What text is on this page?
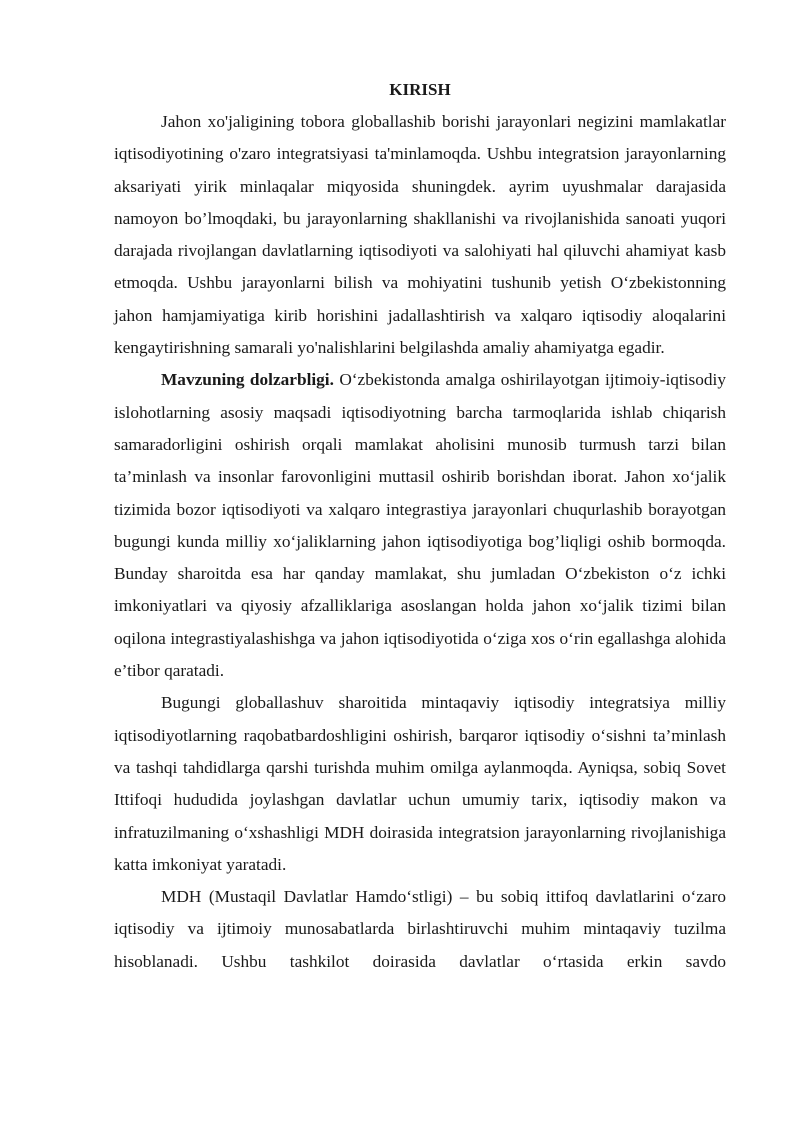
KIRISH

Jahon xo'jaligining tobora globallashib borishi jarayonlari negizini mamlakatlar iqtisodiyotining o'zaro integratsiyasi ta'minlamoqda. Ushbu integratsion jarayonlarning aksariyati yirik minlaqalar miqyosida shuningdek. ayrim uyushmalar darajasida namoyon bo’lmoqdaki, bu jarayonlarning shakllanishi va rivojlanishida sanoati yuqori darajada rivojlangan davlatlarning iqtisodiyoti va salohiyati hal qiluvchi ahamiyat kasb etmoqda. Ushbu jarayonlarni bilish va mohiyatini tushunib yetish O‘zbekistonning jahon hamjamiyatiga kirib horishini jadallashtirish va xalqaro iqtisodiy aloqalarini kengaytirishning samarali yo'nalishlarini belgilashda amaliy ahamiyatga egadir.

Mavzuning dolzarbligi. O‘zbekistonda amalga oshirilayotgan ijtimoiy-iqtisodiy islohotlarning asosiy maqsadi iqtisodiyotning barcha tarmoqlarida ishlab chiqarish samaradorligini oshirish orqali mamlakat aholisini munosib turmush tarzi bilan ta’minlash va insonlar farovonligini muttasil oshirib borishdan iborat. Jahon xo‘jalik tizimida bozor iqtisodiyoti va xalqaro integrastiya jarayonlari chuqurlashib borayotgan bugungi kunda milliy xo‘jaliklarning jahon iqtisodiyotiga bog’liqligi oshib bormoqda. Bunday sharoitda esa har qanday mamlakat, shu jumladan O‘zbekiston o‘z ichki imkoniyatlari va qiyosiy afzalliklariga asoslangan holda jahon xo‘jalik tizimi bilan oqilona integrastiyalashishga va jahon iqtisodiyotida o‘ziga xos o‘rin egallashga alohida e’tibor qaratadi.

Bugungi globallashuv sharoitida mintaqaviy iqtisodiy integratsiya milliy iqtisodiyotlarning raqobatbardoshligini oshirish, barqaror iqtisodiy o‘sishni ta’minlash va tashqi tahdidlarga qarshi turishda muhim omilga aylanmoqda. Ayniqsa, sobiq Sovet Ittifoqi hududida joylashgan davlatlar uchun umumiy tarix, iqtisodiy makon va infratuzilmaning o‘xshashligi MDH doirasida integratsion jarayonlarning rivojlanishiga katta imkoniyat yaratadi.

MDH (Mustaqil Davlatlar Hamdo‘stligi) – bu sobiq ittifoq davlatlarini o‘zaro iqtisodiy va ijtimoiy munosabatlarda birlashtiruvchi muhim mintaqaviy tuzilma hisoblanadi. Ushbu tashkilot doirasida davlatlar o‘rtasida erkin savdo
